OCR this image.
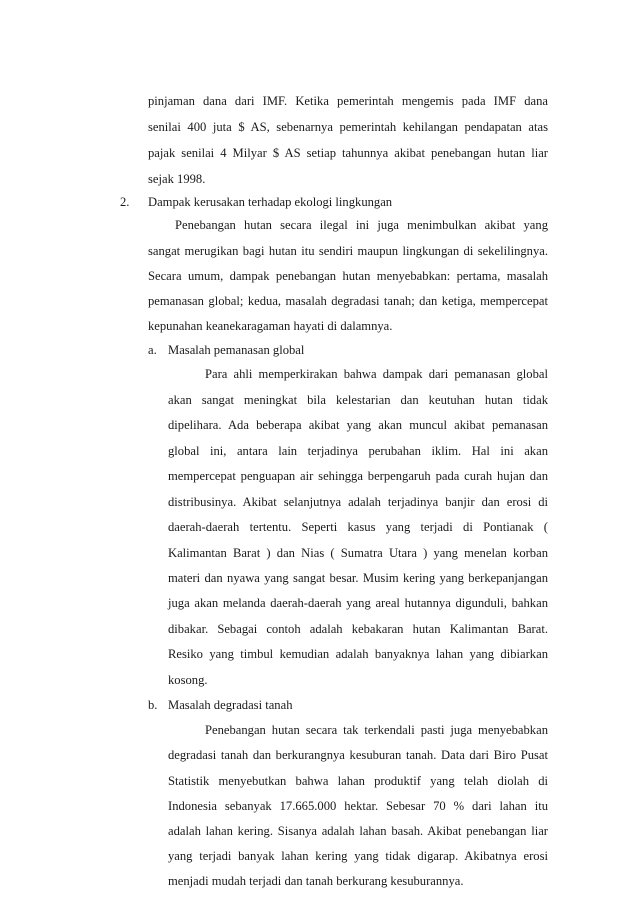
pinjaman dana dari IMF. Ketika pemerintah mengemis pada IMF dana
senilai 400 juta $ AS, sebenarnya pemerintah kehilangan pendapatan atas
pajak senilai 4 Milyar $ AS setiap tahunnya akibat penebangan hutan liar
sejak 1998.
2. Dampak kerusakan terhadap ekologi lingkungan
Penebangan hutan secara ilegal ini juga menimbulkan akibat yang
sangat merugikan bagi hutan itu sendiri maupun lingkungan di sekelilingnya.
Secara umum, dampak penebangan hutan menyebabkan: pertama, masalah
pemanasan global; kedua, masalah degradasi tanah; dan ketiga, mempercepat
kepunahan keanekaragaman hayati di dalamnya.
a. Masalah pemanasan global
Para ahli memperkirakan bahwa dampak dari pemanasan global
akan sangat meningkat bila kelestarian dan keutuhan hutan tidak
dipelihara. Ada beberapa akibat yang akan muncul akibat pemanasan
global ini, antara lain terjadinya perubahan iklim. Hal ini akan
mempercepat penguapan air sehingga berpengaruh pada curah hujan dan
distribusinya. Akibat selanjutnya adalah terjadinya banjir dan erosi di
daerah-daerah tertentu. Seperti kasus yang terjadi di Pontianak (
Kalimantan Barat ) dan Nias ( Sumatra Utara ) yang menelan korban
materi dan nyawa yang sangat besar. Musim kering yang berkepanjangan
juga akan melanda daerah-daerah yang areal hutannya digunduli, bahkan
dibakar. Sebagai contoh adalah kebakaran hutan Kalimantan Barat.
Resiko yang timbul kemudian adalah banyaknya lahan yang dibiarkan
kosong.
b. Masalah degradasi tanah
Penebangan hutan secara tak terkendali pasti juga menyebabkan
degradasi tanah dan berkurangnya kesuburan tanah. Data dari Biro Pusat
Statistik menyebutkan bahwa lahan produktif yang telah diolah di
Indonesia sebanyak 17.665.000 hektar. Sebesar 70 % dari lahan itu
adalah lahan kering. Sisanya adalah lahan basah. Akibat penebangan liar
yang terjadi banyak lahan kering yang tidak digarap. Akibatnya erosi
menjadi mudah terjadi dan tanah berkurang kesuburannya.
